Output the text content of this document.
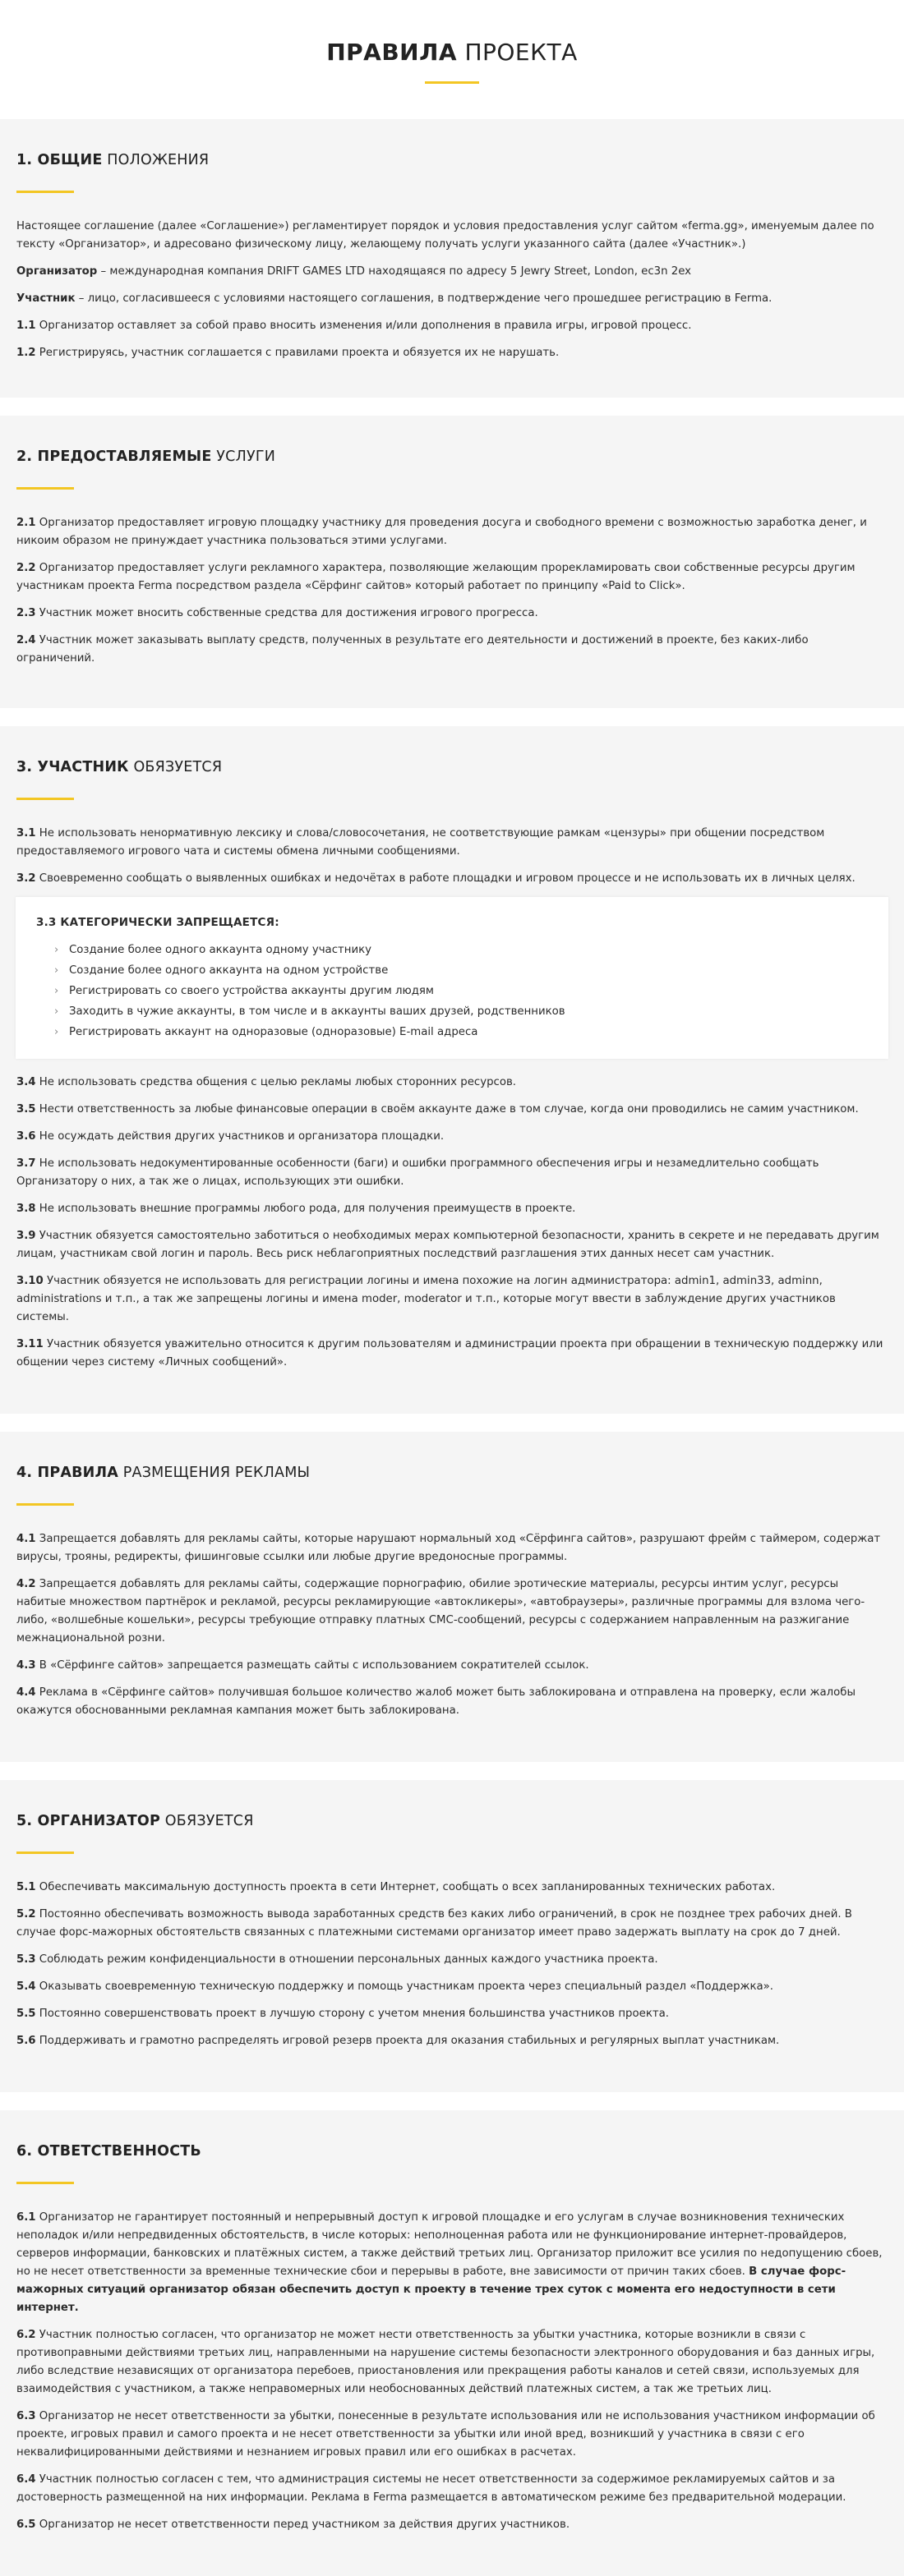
ПРАВИЛА ПРОЕКТА
1. ОБЩИЕ ПОЛОЖЕНИЯ

Настоящее соглашение (далее «Соглашение») регламентирует порядок и условия предоставления услуг сайтом «ferma.gg», именуемым далее по тексту «Организатор», и адресовано физическому лицу, желающему получать услуги указанного сайта (далее «Участник».)

Организатор – международная компания DRIFT GAMES LTD находящаяся по адресу 5 Jewry Street, London, ec3n 2ex

Участник – лицо, согласившееся с условиями настоящего соглашения, в подтверждение чего прошедшее регистрацию в Ferma.

1.1 Организатор оставляет за собой право вносить изменения и/или дополнения в правила игры, игровой процесс.

1.2 Регистрируясь, участник соглашается с правилами проекта и обязуется их не нарушать.

2. ПРЕДОСТАВЛЯЕМЫЕ УСЛУГИ

2.1 Организатор предоставляет игровую площадку участнику для проведения досуга и свободного времени с возможностью заработка денег, и никоим образом не принуждает участника пользоваться этими услугами.

2.2 Организатор предоставляет услуги рекламного характера, позволяющие желающим прорекламировать свои собственные ресурсы другим участникам проекта Ferma посредством раздела «Сёрфинг сайтов» который работает по принципу «Paid to Click».

2.3 Участник может вносить собственные средства для достижения игрового прогресса.

2.4 Участник может заказывать выплату средств, полученных в результате его деятельности и достижений в проекте, без каких-либо ограничений.

3. УЧАСТНИК ОБЯЗУЕТСЯ

3.1 Не использовать ненормативную лексику и слова/словосочетания, не соответствующие рамкам «цензуры» при общении посредством предоставляемого игрового чата и системы обмена личными сообщениями.

3.2 Своевременно сообщать о выявленных ошибках и недочётах в работе площадки и игровом процессе и не использовать их в личных целях.

3.3 КАТЕГОРИЧЕСКИ ЗАПРЕЩАЕТСЯ:
› Создание более одного аккаунта одному участнику
› Создание более одного аккаунта на одном устройстве
› Регистрировать со своего устройства аккаунты другим людям
› Заходить в чужие аккаунты, в том числе и в аккаунты ваших друзей, родственников
› Регистрировать аккаунт на одноразовые (одноразовые) E-mail адреса

3.4 Не использовать средства общения с целью рекламы любых сторонних ресурсов.

3.5 Нести ответственность за любые финансовые операции в своём аккаунте даже в том случае, когда они проводились не самим участником.

3.6 Не осуждать действия других участников и организатора площадки.

3.7 Не использовать недокументированные особенности (баги) и ошибки программного обеспечения игры и незамедлительно сообщать Организатору о них, а так же о лицах, использующих эти ошибки.

3.8 Не использовать внешние программы любого рода, для получения преимуществ в проекте.

3.9 Участник обязуется самостоятельно заботиться о необходимых мерах компьютерной безопасности, хранить в секрете и не передавать другим лицам, участникам свой логин и пароль. Весь риск неблагоприятных последствий разглашения этих данных несет сам участник.

3.10 Участник обязуется не использовать для регистрации логины и имена похожие на логин администратора: admin1, admin33, adminn, administrations и т.п., а так же запрещены логины и имена moder, moderator и т.п., которые могут ввести в заблуждение других участников системы.

3.11 Участник обязуется уважительно относится к другим пользователям и администрации проекта при обращении в техническую поддержку или общении через систему «Личных сообщений».

4. ПРАВИЛА РАЗМЕЩЕНИЯ РЕКЛАМЫ

4.1 Запрещается добавлять для рекламы сайты, которые нарушают нормальный ход «Сёрфинга сайтов», разрушают фрейм с таймером, содержат вирусы, трояны, редиректы, фишинговые ссылки или любые другие вредоносные программы.

4.2 Запрещается добавлять для рекламы сайты, содержащие порнографию, обилие эротические материалы, ресурсы интим услуг, ресурсы набитые множеством партнёрок и рекламой, ресурсы рекламирующие «автокликеры», «автобраузеры», различные программы для взлома чего-либо, «волшебные кошельки», ресурсы требующие отправку платных СМС-сообщений, ресурсы с содержанием направленным на разжигание межнациональной розни.

4.3 В «Сёрфинге сайтов» запрещается размещать сайты с использованием сократителей ссылок.

4.4 Реклама в «Сёрфинге сайтов» получившая большое количество жалоб может быть заблокирована и отправлена на проверку, если жалобы окажутся обоснованными рекламная кампания может быть заблокирована.

5. ОРГАНИЗАТОР ОБЯЗУЕТСЯ

5.1 Обеспечивать максимальную доступность проекта в сети Интернет, сообщать о всех запланированных технических работах.

5.2 Постоянно обеспечивать возможность вывода заработанных средств без каких либо ограничений, в срок не позднее трех рабочих дней. В случае форс-мажорных обстоятельств связанных с платежными системами организатор имеет право задержать выплату на срок до 7 дней.

5.3 Соблюдать режим конфиденциальности в отношении персональных данных каждого участника проекта.

5.4 Оказывать своевременную техническую поддержку и помощь участникам проекта через специальный раздел «Поддержка».

5.5 Постоянно совершенствовать проект в лучшую сторону с учетом мнения большинства участников проекта.

5.6 Поддерживать и грамотно распределять игровой резерв проекта для оказания стабильных и регулярных выплат участникам.

6. ОТВЕТСТВЕННОСТЬ

6.1 Организатор не гарантирует постоянный и непрерывный доступ к игровой площадке и его услугам в случае возникновения технических неполадок и/или непредвиденных обстоятельств, в числе которых: неполноценная работа или не функционирование интернет-провайдеров, серверов информации, банковских и платёжных систем, а также действий третьих лиц. Организатор приложит все усилия по недопущению сбоев, но не несет ответственности за временные технические сбои и перерывы в работе, вне зависимости от причин таких сбоев. В случае форс-мажорных ситуаций организатор обязан обеспечить доступ к проекту в течение трех суток с момента его недоступности в сети интернет.

6.2 Участник полностью согласен, что организатор не может нести ответственность за убытки участника, которые возникли в связи с противоправными действиями третьих лиц, направленными на нарушение системы безопасности электронного оборудования и баз данных игры, либо вследствие независящих от организатора перебоев, приостановления или прекращения работы каналов и сетей связи, используемых для взаимодействия с участником, а также неправомерных или необоснованных действий платежных систем, а так же третьих лиц.

6.3 Организатор не несет ответственности за убытки, понесенные в результате использования или не использования участником информации об проекте, игровых правил и самого проекта и не несет ответственности за убытки или иной вред, возникший у участника в связи с его неквалифицированными действиями и незнанием игровых правил или его ошибках в расчетах.

6.4 Участник полностью согласен с тем, что администрация системы не несет ответственности за содержимое рекламируемых сайтов и за достоверность размещенной на них информации. Реклама в Ferma размещается в автоматическом режиме без предварительной модерации.

6.5 Организатор не несет ответственности перед участником за действия других участников.
